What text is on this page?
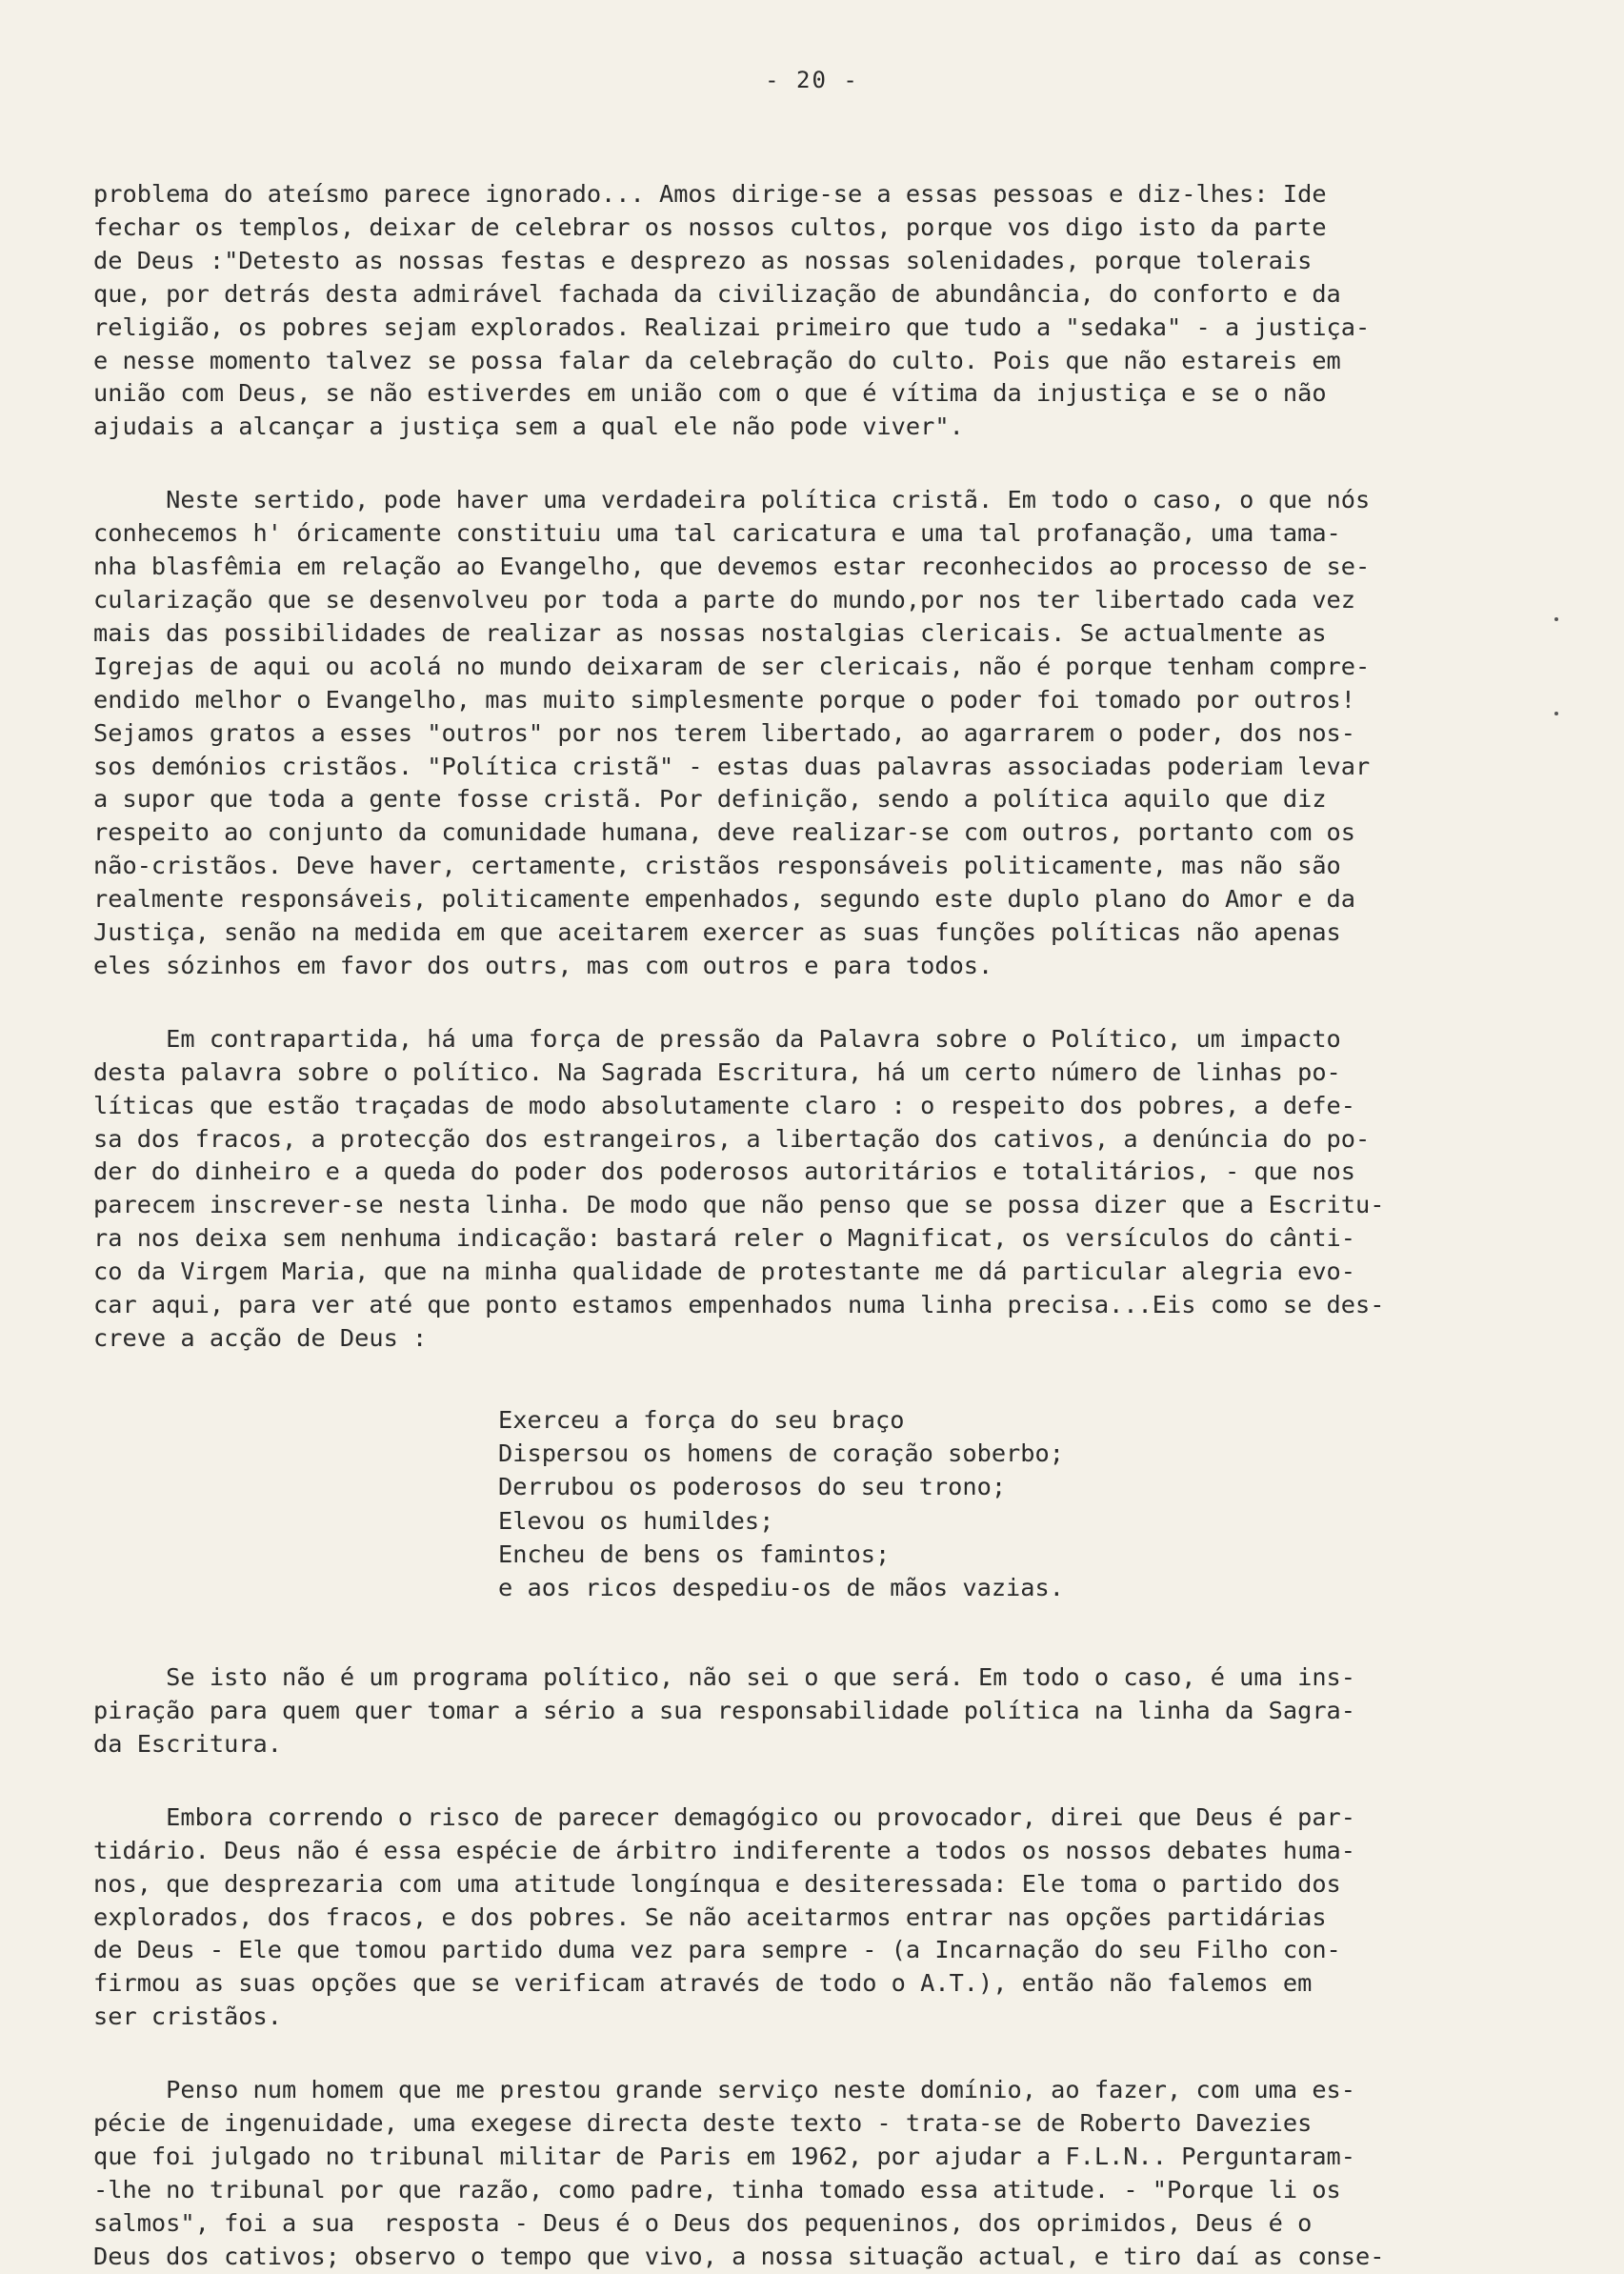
- 20 -
problema do ateísmo parece ignorado... Amos dirige-se a essas pessoas e diz-lhes: Ide
fechar os templos, deixar de celebrar os nossos cultos, porque vos digo isto da parte
de Deus :"Detesto as nossas festas e desprezo as nossas solenidades, porque tolerais
que, por detrás desta admirável fachada da civilização de abundância, do conforto e da
religião, os pobres sejam explorados. Realizai primeiro que tudo a "sedaka" - a justiça-
e nesse momento talvez se possa falar da celebração do culto. Pois que não estareis em
união com Deus, se não estiverdes em união com o que é vítima da injustiça e se o não
ajudais a alcançar a justiça sem a qual ele não pode viver".
Neste sertido, pode haver uma verdadeira política cristã. Em todo o caso, o que nós
conhecemos h' óricamente constituiu uma tal caricatura e uma tal profanação, uma tama-
nha blasfêmia em relação ao Evangelho, que devemos estar reconhecidos ao processo de se-
cularização que se desenvolveu por toda a parte do mundo,por nos ter libertado cada vez
mais das possibilidades de realizar as nossas nostalgias clericais. Se actualmente as
Igrejas de aqui ou acolá no mundo deixaram de ser clericais, não é porque tenham compre-
endido melhor o Evangelho, mas muito simplesmente porque o poder foi tomado por outros!
Sejamos gratos a esses "outros" por nos terem libertado, ao agarrarem o poder, dos nos-
sos demónios cristãos. "Política cristã" - estas duas palavras associadas poderiam levar
a supor que toda a gente fosse cristã. Por definição, sendo a política aquilo que diz
respeito ao conjunto da comunidade humana, deve realizar-se com outros, portanto com os
não-cristãos. Deve haver, certamente, cristãos responsáveis politicamente, mas não são
realmente responsáveis, politicamente empenhados, segundo este duplo plano do Amor e da
Justiça, senão na medida em que aceitarem exercer as suas funções políticas não apenas
eles sózinhos em favor dos outrs, mas com outros e para todos.
Em contrapartida, há uma força de pressão da Palavra sobre o Político, um impacto
desta palavra sobre o político. Na Sagrada Escritura, há um certo número de linhas po-
líticas que estão traçadas de modo absolutamente claro : o respeito dos pobres, a defe-
sa dos fracos, a protecção dos estrangeiros, a libertação dos cativos, a denúncia do po-
der do dinheiro e a queda do poder dos poderosos autoritários e totalitários, - que nos
parecem inscrever-se nesta linha. De modo que não penso que se possa dizer que a Escritu-
ra nos deixa sem nenhuma indicação: bastará reler o Magnificat, os versículos do cânti-
co da Virgem Maria, que na minha qualidade de protestante me dá particular alegria evo-
car aqui, para ver até que ponto estamos empenhados numa linha precisa...Eis como se des-
creve a acção de Deus :
Exerceu a força do seu braço
Dispersou os homens de coração soberbo;
Derrubou os poderosos do seu trono;
Elevou os humildes;
Encheu de bens os famintos;
e aos ricos despediu-os de mãos vazias.
Se isto não é um programa político, não sei o que será. Em todo o caso, é uma ins-
piração para quem quer tomar a sério a sua responsabilidade política na linha da Sagra-
da Escritura.
Embora correndo o risco de parecer demagógico ou provocador, direi que Deus é par-
tidário. Deus não é essa espécie de árbitro indiferente a todos os nossos debates huma-
nos, que desprezaria com uma atitude longínqua e desiteressada: Ele toma o partido dos
explorados, dos fracos, e dos pobres. Se não aceitarmos entrar nas opções partidárias
de Deus - Ele que tomou partido duma vez para sempre - (a Incarnação do seu Filho con-
firmou as suas opções que se verificam através de todo o A.T.), então não falemos em
ser cristãos.
Penso num homem que me prestou grande serviço neste domínio, ao fazer, com uma es-
pécie de ingenuidade, uma exegese directa deste texto - trata-se de Roberto Davezies
que foi julgado no tribunal militar de Paris em 1962, por ajudar a F.L.N.. Perguntaram-
-lhe no tribunal por que razão, como padre, tinha tomado essa atitude. - "Porque li os
salmos", foi a sua  resposta - Deus é o Deus dos pequeninos, dos oprimidos, Deus é o
Deus dos cativos; observo o tempo que vivo, a nossa situação actual, e tiro daí as conse-
